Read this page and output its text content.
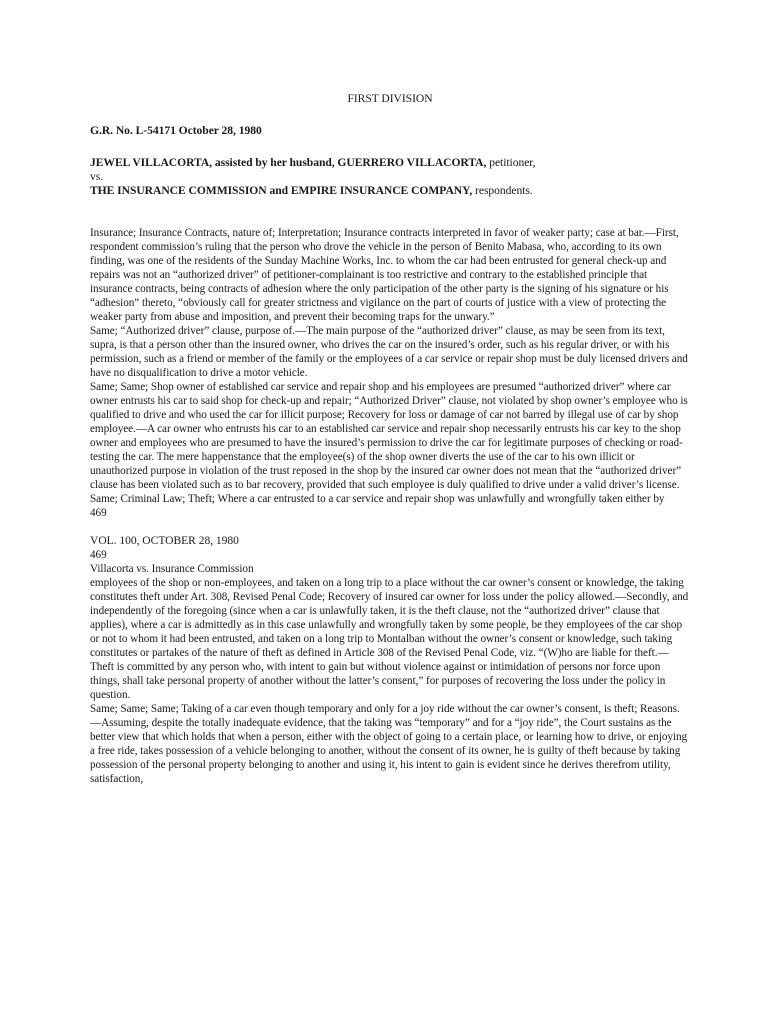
FIRST DIVISION

G.R. No. L-54171 October 28, 1980

JEWEL VILLACORTA, assisted by her husband, GUERRERO VILLACORTA, petitioner,
vs.
THE INSURANCE COMMISSION and EMPIRE INSURANCE COMPANY, respondents.

Insurance; Insurance Contracts, nature of; Interpretation; Insurance contracts interpreted in favor of weaker party; case at bar.—First, respondent commission’s ruling that the person who drove the vehicle in the person of Benito Mabasa, who, according to its own finding, was one of the residents of the Sunday Machine Works, Inc. to whom the car had been entrusted for general check-up and repairs was not an “authorized driver” of petitioner-complainant is too restrictive and contrary to the established principle that insurance contracts, being contracts of adhesion where the only participation of the other party is the signing of his signature or his “adhesion” thereto, “obviously call for greater strictness and vigilance on the part of courts of justice with a view of protecting the weaker party from abuse and imposition, and prevent their becoming traps for the unwary.”

Same; “Authorized driver” clause, purpose of.—The main purpose of the “authorized driver” clause, as may be seen from its text, supra, is that a person other than the insured owner, who drives the car on the insured’s order, such as his regular driver, or with his permission, such as a friend or member of the family or the employees of a car service or repair shop must be duly licensed drivers and have no disqualification to drive a motor vehicle.

Same; Same; Shop owner of established car service and repair shop and his employees are presumed “authorized driver” where car owner entrusts his car to said shop for check-up and repair; “Authorized Driver” clause, not violated by shop owner’s employee who is qualified to drive and who used the car for illicit purpose; Recovery for loss or damage of car not barred by illegal use of car by shop employee.—A car owner who entrusts his car to an established car service and repair shop necessarily entrusts his car key to the shop owner and employees who are presumed to have the insured’s permission to drive the car for legitimate purposes of checking or road-testing the car. The mere happenstance that the employee(s) of the shop owner diverts the use of the car to his own illicit or unauthorized purpose in violation of the trust reposed in the shop by the insured car owner does not mean that the “authorized driver” clause has been violated such as to bar recovery, provided that such employee is duly qualified to drive under a valid driver’s license.

Same; Criminal Law; Theft; Where a car entrusted to a car service and repair shop was unlawfully and wrongfully taken either by

469

VOL. 100, OCTOBER 28, 1980

469

Villacorta vs. Insurance Commission

employees of the shop or non-employees, and taken on a long trip to a place without the car owner’s consent or knowledge, the taking constitutes theft under Art. 308, Revised Penal Code; Recovery of insured car owner for loss under the policy allowed.—Secondly, and independently of the foregoing (since when a car is unlawfully taken, it is the theft clause, not the “authorized driver” clause that applies), where a car is admittedly as in this case unlawfully and wrongfully taken by some people, be they employees of the car shop or not to whom it had been entrusted, and taken on a long trip to Montalban without the owner’s consent or knowledge, such taking constitutes or partakes of the nature of theft as defined in Article 308 of the Revised Penal Code, viz. “(W)ho are liable for theft.—Theft is committed by any person who, with intent to gain but without violence against or intimidation of persons nor force upon things, shall take personal property of another without the latter’s consent,” for purposes of recovering the loss under the policy in question.

Same; Same; Same; Taking of a car even though temporary and only for a joy ride without the car owner’s consent, is theft; Reasons.—Assuming, despite the totally inadequate evidence, that the taking was “temporary” and for a “joy ride”, the Court sustains as the better view that which holds that when a person, either with the object of going to a certain place, or learning how to drive, or enjoying a free ride, takes possession of a vehicle belonging to another, without the consent of its owner, he is guilty of theft because by taking possession of the personal property belonging to another and using it, his intent to gain is evident since he derives therefrom utility, satisfaction,
